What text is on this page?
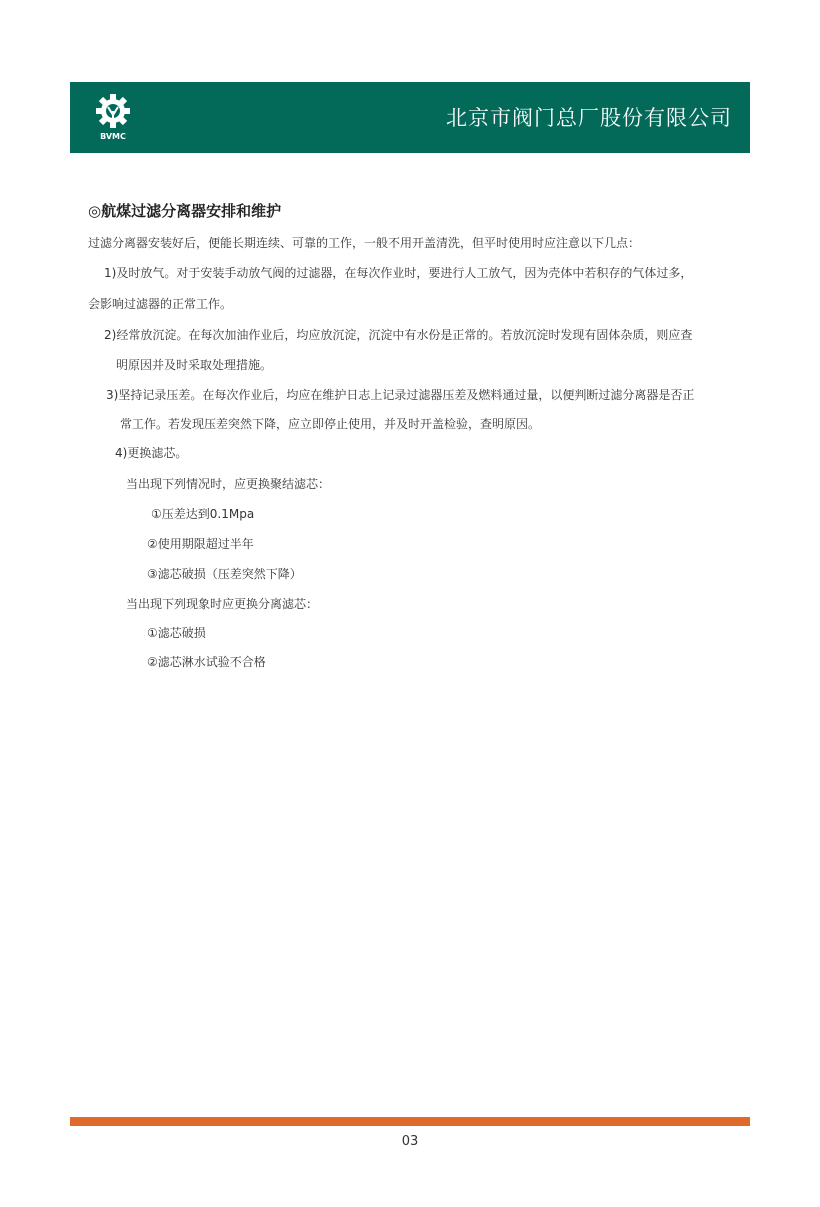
BVMC
北京市阀门总厂股份有限公司
◎航煤过滤分离器安排和维护
过滤分离器安装好后，便能长期连续、可靠的工作，一般不用开盖清洗，但平时使用时应注意以下几点：
1)及时放气。对于安装手动放气阀的过滤器，在每次作业时，要进行人工放气，因为壳体中若积存的气体过多，
会影响过滤器的正常工作。
2)经常放沉淀。在每次加油作业后，均应放沉淀，沉淀中有水份是正常的。若放沉淀时发现有固体杂质，则应查
明原因并及时采取处理措施。
3)坚持记录压差。在每次作业后，均应在维护日志上记录过滤器压差及燃料通过量，以便判断过滤分离器是否正
常工作。若发现压差突然下降，应立即停止使用，并及时开盖检验，查明原因。
4)更换滤芯。
当出现下列情况时，应更换聚结滤芯：
①压差达到0.1Mpa
②使用期限超过半年
③滤芯破损（压差突然下降）
当出现下列现象时应更换分离滤芯：
①滤芯破损
②滤芯淋水试验不合格
03
